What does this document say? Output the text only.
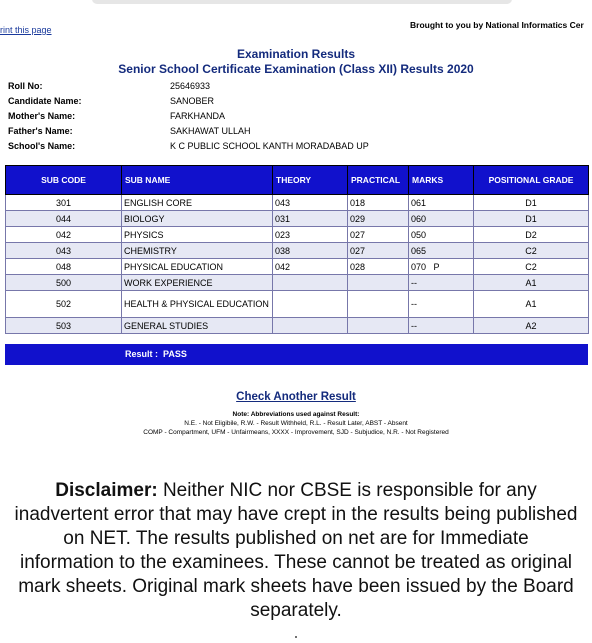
rint this page	Brought to you by National Informatics Cer
Examination Results
Senior School Certificate Examination (Class XII) Results 2020
Roll No:	25646933
Candidate Name:	SANOBER
Mother's Name:	FARKHANDA
Father's Name:	SAKHAWAT ULLAH
School's Name:	K C PUBLIC SCHOOL KANTH MORADABAD UP
SUB CODE	SUB NAME	THEORY	PRACTICAL	MARKS	POSITIONAL GRADE
301	ENGLISH CORE	043	018	061	D1
044	BIOLOGY	031	029	060	D1
042	PHYSICS	023	027	050	D2
043	CHEMISTRY	038	027	065	C2
048	PHYSICAL EDUCATION	042	028	070   P	C2
500	WORK EXPERIENCE			--	A1
502	HEALTH & PHYSICAL EDUCATION			--	A1
503	GENERAL STUDIES			--	A2
Result : PASS
Check Another Result
Note: Abbreviations used against Result:
N.E. - Not Eligibile, R.W. - Result Withheld, R.L. - Result Later, ABST - Absent
COMP - Compartment, UFM - Unfairmeans, XXXX - Improvement, SJD - Subjudice, N.R. - Not Registered
Disclaimer: Neither NIC nor CBSE is responsible for any inadvertent error that may have crept in the results being published on NET. The results published on net are for Immediate information to the examinees. These cannot be treated as original mark sheets. Original mark sheets have been issued by the Board separately.
